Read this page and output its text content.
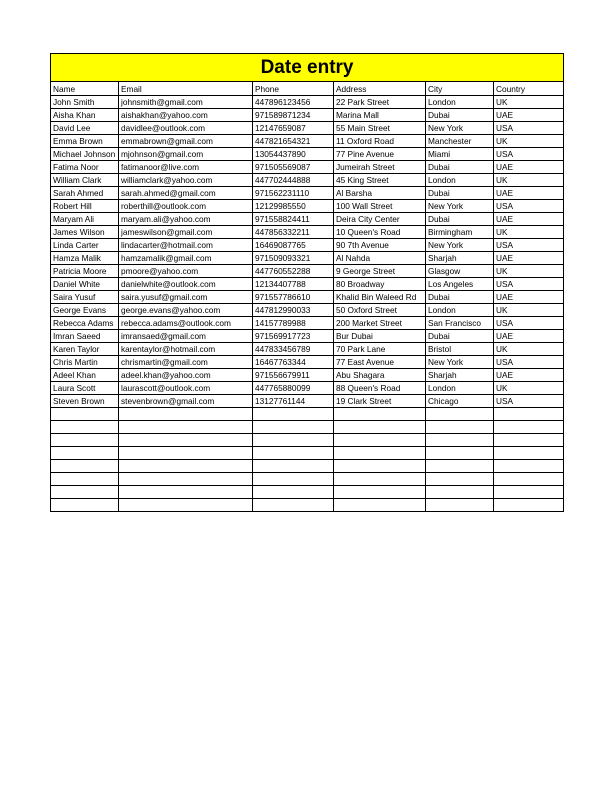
Date entry					
Name	Email	Phone	Address	City	Country
John Smith	johnsmith@gmail.com	447896123456	22 Park Street	London	UK
Aisha Khan	aishakhan@yahoo.com	971589871234	Marina Mall	Dubai	UAE
David Lee	davidlee@outlook.com	12147659087	55 Main Street	New York	USA
Emma Brown	emmabrown@gmail.com	447821654321	11 Oxford Road	Manchester	UK
Michael Johnson	mjohnson@gmail.com	13054437890	77 Pine Avenue	Miami	USA
Fatima Noor	fatimanoor@live.com	971505569087	Jumeirah Street	Dubai	UAE
William Clark	williamclark@yahoo.com	447702444888	45 King Street	London	UK
Sarah Ahmed	sarah.ahmed@gmail.com	971562231110	Al Barsha	Dubai	UAE
Robert Hill	roberthill@outlook.com	12129985550	100 Wall Street	New York	USA
Maryam Ali	maryam.ali@yahoo.com	971558824411	Deira City Center	Dubai	UAE
James Wilson	jameswilson@gmail.com	447856332211	10 Queen's Road	Birmingham	UK
Linda Carter	lindacarter@hotmail.com	16469087765	90 7th Avenue	New York	USA
Hamza Malik	hamzamalik@gmail.com	971509093321	Al Nahda	Sharjah	UAE
Patricia Moore	pmoore@yahoo.com	447760552288	9 George Street	Glasgow	UK
Daniel White	danielwhite@outlook.com	12134407788	80 Broadway	Los Angeles	USA
Saira Yusuf	saira.yusuf@gmail.com	971557786610	Khalid Bin Waleed Rd	Dubai	UAE
George Evans	george.evans@yahoo.com	447812990033	50 Oxford Street	London	UK
Rebecca Adams	rebecca.adams@outlook.com	14157789988	200 Market Street	San Francisco	USA
Imran Saeed	imransaed@gmail.com	971569917723	Bur Dubai	Dubai	UAE
Karen Taylor	karentaylor@hotmail.com	447833456789	70 Park Lane	Bristol	UK
Chris Martin	chrismartin@gmail.com	16467763344	77 East Avenue	New York	USA
Adeel Khan	adeel.khan@yahoo.com	971556679911	Abu Shagara	Sharjah	UAE
Laura Scott	laurascott@outlook.com	447765880099	88 Queen's Road	London	UK
Steven Brown	stevenbrown@gmail.com	13127761144	19 Clark Street	Chicago	USA
